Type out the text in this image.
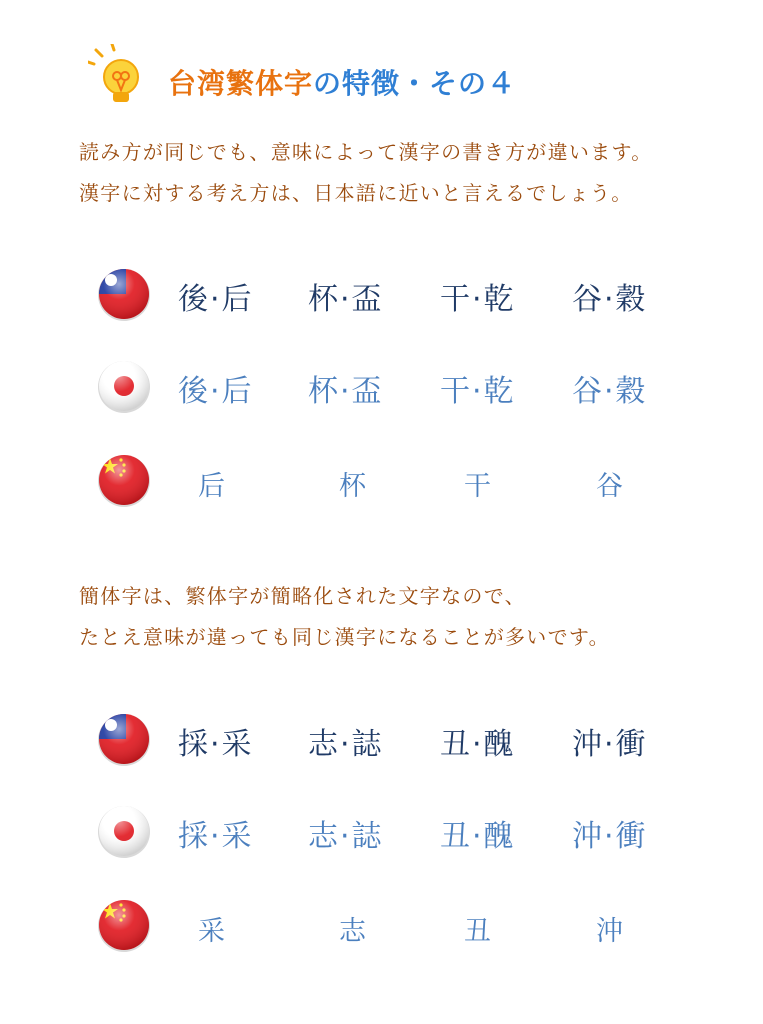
台湾繁体字の特徴・その４
読み方が同じでも、意味によって漢字の書き方が違います。
漢字に対する考え方は、日本語に近いと言えるでしょう。
後·后 杯·盃 干·乾 谷·穀
後·后 杯·盃 干·乾 谷·穀
后	杯	干	谷
簡体字は、繁体字が簡略化された文字なので、
たとえ意味が違っても同じ漢字になることが多いです。
採·采 志·誌 丑·醜 沖·衝
採·采 志·誌 丑·醜 沖·衝
采	志	丑	沖
